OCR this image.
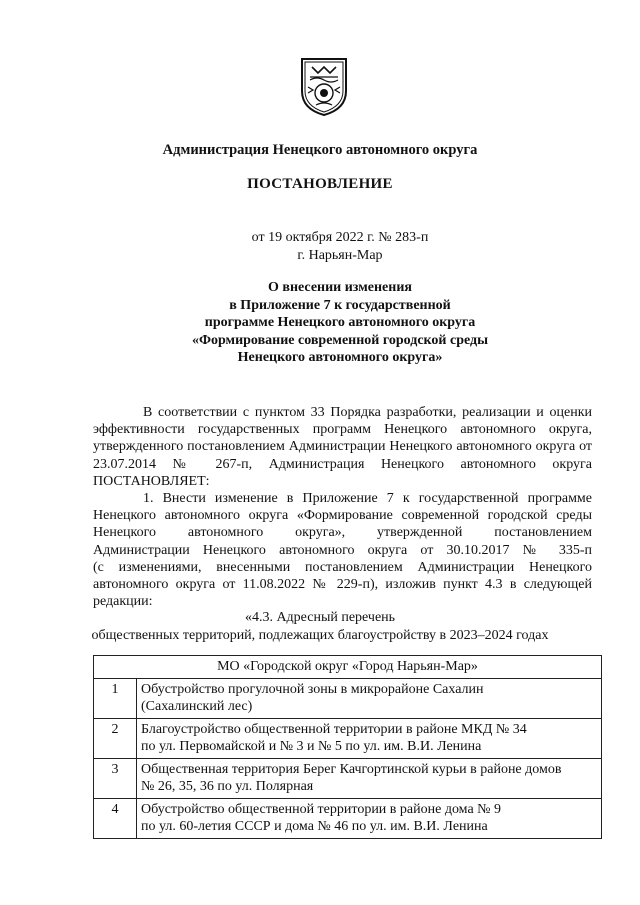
Администрация Ненецкого автономного округа
ПОСТАНОВЛЕНИЕ
от 19 октября 2022 г. № 283-п
г. Нарьян-Мар
О внесении изменения
в Приложение 7 к государственной
программе Ненецкого автономного округа
«Формирование современной городской среды
Ненецкого автономного округа»
В соответствии с пунктом 33 Порядка разработки, реализации и оценки эффективности государственных программ Ненецкого автономного округа, утвержденного постановлением Администрации Ненецкого автономного округа от 23.07.2014 № 267-п, Администрация Ненецкого автономного округа ПОСТАНОВЛЯЕТ:
1. Внести изменение в Приложение 7 к государственной программе
Ненецкого автономного округа «Формирование современной городской среды
Ненецкого автономного округа», утвержденной постановлением
Администрации Ненецкого автономного округа от 30.10.2017 № 335-п
(с изменениями, внесенными постановлением Администрации Ненецкого
автономного округа от 11.08.2022 № 229-п), изложив пункт 4.3 в следующей
редакции:
«4.3. Адресный перечень
общественных территорий, подлежащих благоустройству в 2023–2024 годах
МО «Городской округ «Город Нарьян-Мар»	
1	Обустройство прогулочной зоны в микрорайоне Сахалин
(Сахалинский лес)

2	Благоустройство общественной территории в районе МКД № 34
по ул. Первомайской и № 3 и № 5 по ул. им. В.И. Ленина

3	Общественная территория Берег Качгортинской курьи в районе домов
№ 26, 35, 36 по ул. Полярная

4	Обустройство общественной территории в районе дома № 9
по ул. 60-летия СССР и дома № 46 по ул. им. В.И. Ленина
